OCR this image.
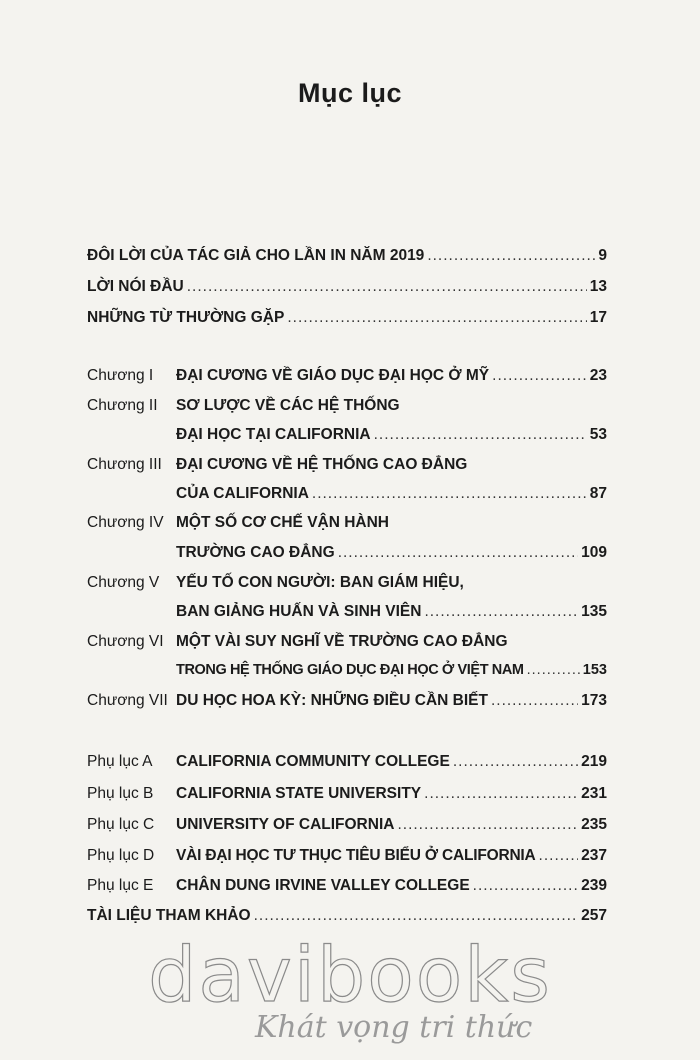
Mục lục
ĐÔI LỜI CỦA TÁC GIẢ CHO LẦN IN NĂM 2019 .....	9
LỜI NÓI ĐẦU .....	13
NHỮNG TỪ THƯỜNG GẶP .....	17
Chương I	ĐẠI CƯƠNG VỀ GIÁO DỤC ĐẠI HỌC Ở MỸ .....	23
Chương II	SƠ LƯỢC VỀ CÁC HỆ THỐNG
ĐẠI HỌC TẠI CALIFORNIA .....	53
Chương III ĐẠI CƯƠNG VỀ HỆ THỐNG CAO ĐẲNG
CỦA CALIFORNIA .....	87
Chương IV MỘT SỐ CƠ CHẾ VẬN HÀNH
TRƯỜNG CAO ĐẲNG .....	109
Chương V	YẾU TỐ CON NGƯỜI: BAN GIÁM HIỆU,
BAN GIẢNG HUẤN VÀ SINH VIÊN .....	135
Chương VI MỘT VÀI SUY NGHĨ VỀ TRƯỜNG CAO ĐẲNG
TRONG HỆ THỐNG GIÁO DỤC ĐẠI HỌC Ở VIỆT NAM .....	153
Chương VII DU HỌC HOA KỲ: NHỮNG ĐIỀU CẦN BIẾT .....	173
Phụ lục A	CALIFORNIA COMMUNITY COLLEGE .....	219
Phụ lục B	CALIFORNIA STATE UNIVERSITY .....	231
Phụ lục C	UNIVERSITY OF CALIFORNIA .....	235
Phụ lục D	VÀI ĐẠI HỌC TƯ THỤC TIÊU BIỂU Ở CALIFORNIA .....	237
Phụ lục E	CHÂN DUNG IRVINE VALLEY COLLEGE .....	239
TÀI LIỆU THAM KHẢO .....	257
davibooks
Khát vọng tri thức
